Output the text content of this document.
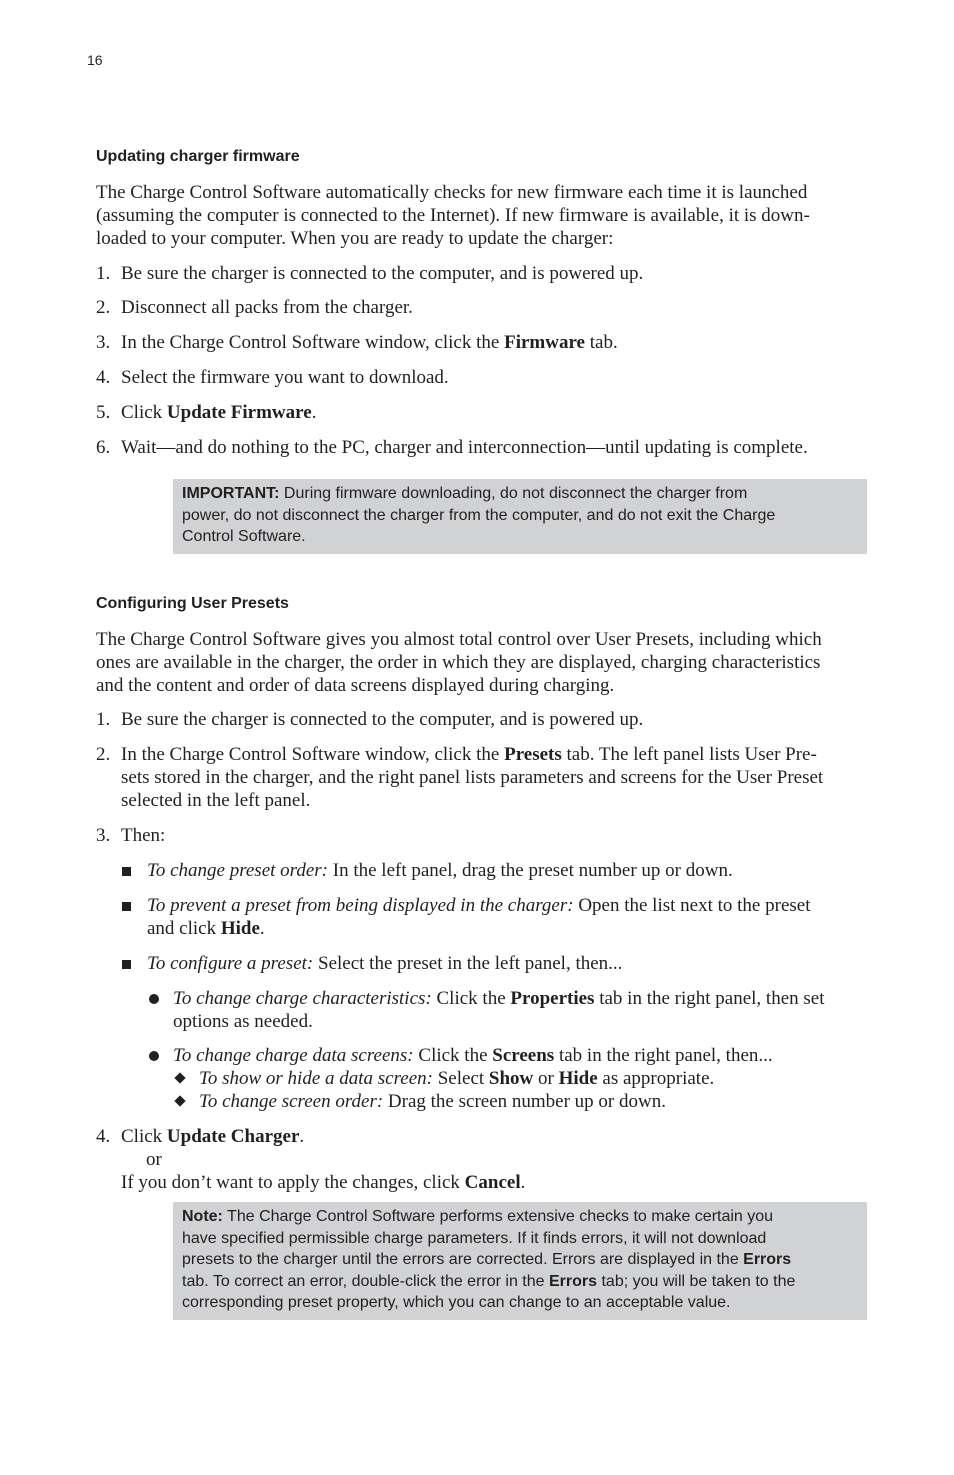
16
Updating charger firmware
The Charge Control Software automatically checks for new firmware each time it is launched
(assuming the computer is connected to the Internet). If new firmware is available, it is down-
loaded to your computer. When you are ready to update the charger:
1. Be sure the charger is connected to the computer, and is powered up.
2. Disconnect all packs from the charger.
3. In the Charge Control Software window, click the Firmware tab.
4. Select the firmware you want to download.
5. Click Update Firmware.
6. Wait—and do nothing to the PC, charger and interconnection—until updating is complete.
IMPORTANT: During firmware downloading, do not disconnect the charger from
power, do not disconnect the charger from the computer, and do not exit the Charge
Control Software.
Configuring User Presets
The Charge Control Software gives you almost total control over User Presets, including which
ones are available in the charger, the order in which they are displayed, charging characteristics
and the content and order of data screens displayed during charging.
1. Be sure the charger is connected to the computer, and is powered up.
2. In the Charge Control Software window, click the Presets tab. The left panel lists User Pre-
sets stored in the charger, and the right panel lists parameters and screens for the User Preset
selected in the left panel.
3. Then:
To change preset order: In the left panel, drag the preset number up or down.
To prevent a preset from being displayed in the charger: Open the list next to the preset
and click Hide.
To configure a preset: Select the preset in the left panel, then...
To change charge characteristics: Click the Properties tab in the right panel, then set
options as needed.
To change charge data screens: Click the Screens tab in the right panel, then...
To show or hide a data screen: Select Show or Hide as appropriate.
To change screen order: Drag the screen number up or down.
4. Click Update Charger.
or
If you don’t want to apply the changes, click Cancel.
Note: The Charge Control Software performs extensive checks to make certain you
have specified permissible charge parameters. If it finds errors, it will not download
presets to the charger until the errors are corrected. Errors are displayed in the Errors
tab. To correct an error, double-click the error in the Errors tab; you will be taken to the
corresponding preset property, which you can change to an acceptable value.
